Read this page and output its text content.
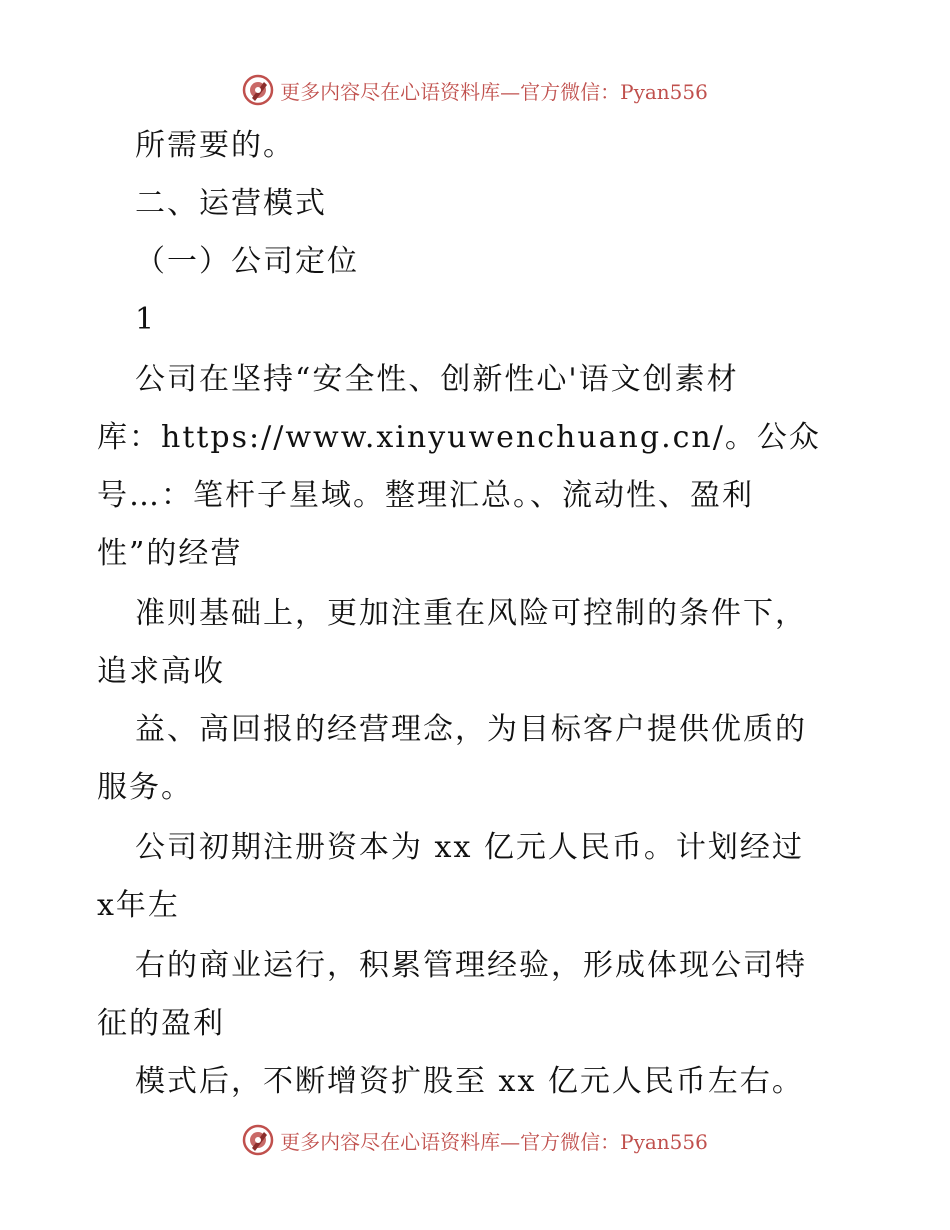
更多内容尽在心语资料库—官方微信：Pyan556
所需要的。
二、运营模式
（一）公司定位
1
公司在坚持“安全性、创新性心'语文创素材
库：https://www.xinyuwenchuang.cn/。公众
号…：笔杆子星域。整理汇总。、流动性、盈利
性”的经营
准则基础上，更加注重在风险可控制的条件下，
追求高收
益、高回报的经营理念，为目标客户提供优质的
服务。
公司初期注册资本为 xx 亿元人民币。计划经过
x年左
右的商业运行，积累管理经验，形成体现公司特
征的盈利
模式后，不断增资扩股至 xx 亿元人民币左右。
更多内容尽在心语资料库—官方微信：Pyan556
